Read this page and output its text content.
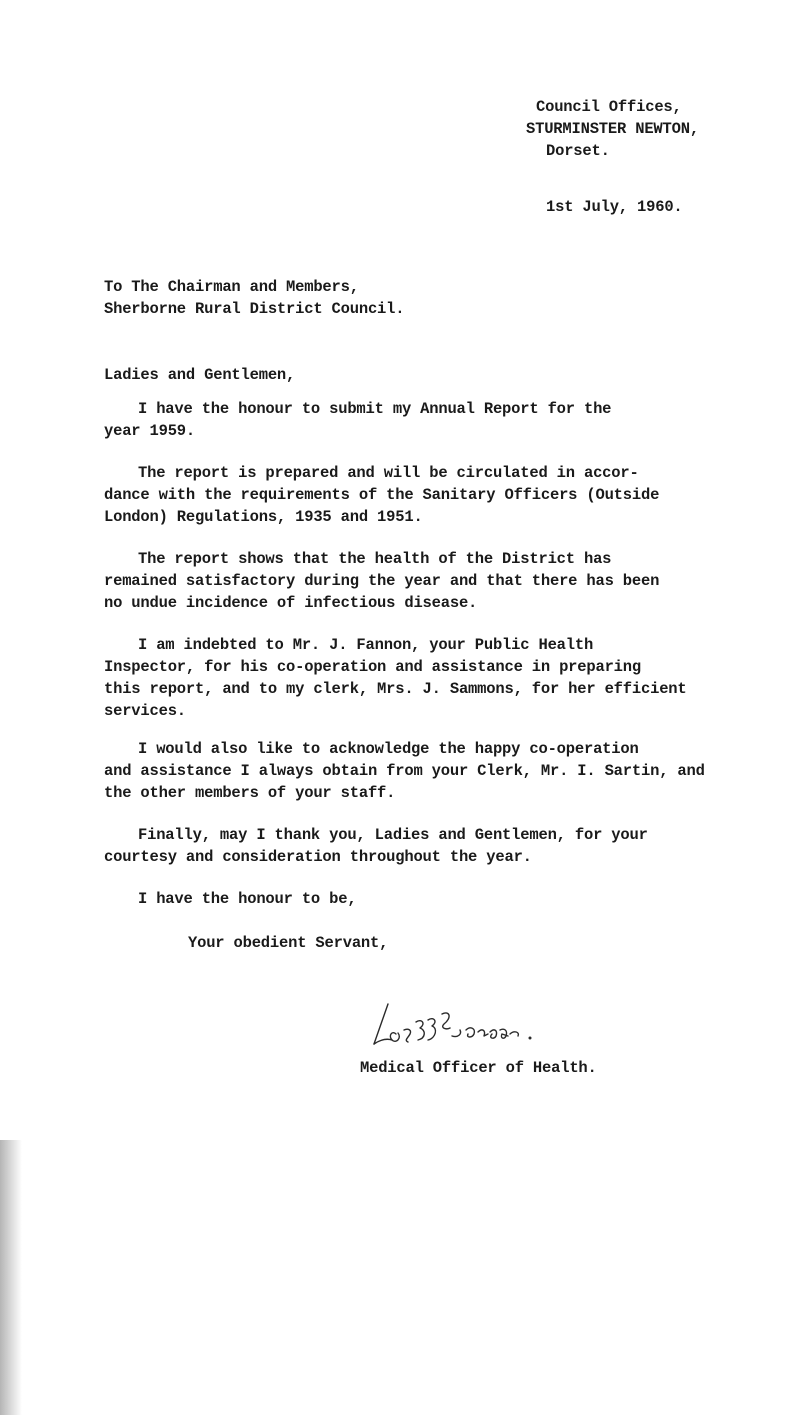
Council Offices,
STURMINSTER NEWTON,
Dorset.
1st July, 1960.
To The Chairman and Members,
Sherborne Rural District Council.
Ladies and Gentlemen,
I have the honour to submit my Annual Report for the
year 1959.
The report is prepared and will be circulated in accor-
dance with the requirements of the Sanitary Officers (Outside
London) Regulations, 1935 and 1951.
The report shows that the health of the District has
remained satisfactory during the year and that there has been
no undue incidence of infectious disease.
I am indebted to Mr. J. Fannon, your Public Health
Inspector, for his co-operation and assistance in preparing
this report, and to my clerk, Mrs. J. Sammons, for her efficient
services.
I would also like to acknowledge the happy co-operation
and assistance I always obtain from your Clerk, Mr. I. Sartin, and
the other members of your staff.
Finally, may I thank you, Ladies and Gentlemen, for your
courtesy and consideration throughout the year.
I have the honour to be,
Your obedient Servant,
Medical Officer of Health.
